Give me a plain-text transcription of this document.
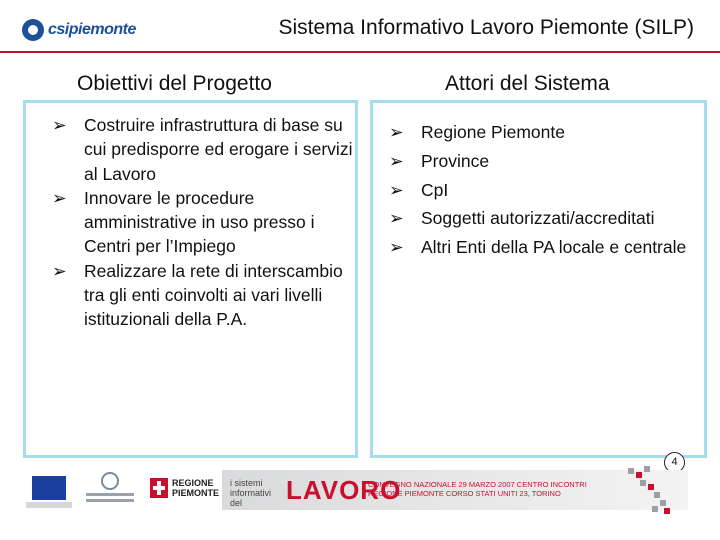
csipiemonte	Sistema Informativo Lavoro Piemonte (SILP)
Obiettivi del Progetto	Attori del Sistema
➢ Costruire infrastruttura di base su cui predisporre ed erogare i servizi al Lavoro
➢ Innovare le procedure amministrative in uso presso i Centri per l’Impiego
➢ Realizzare la rete di interscambio tra gli enti coinvolti ai vari livelli istituzionali della P.A.
➢ Regione Piemonte
➢ Province
➢ CpI
➢ Soggetti autorizzati/accreditati
➢ Altri Enti della PA locale e centrale
4
REGIONE PIEMONTE
i sistemi informativi del	LAVORO
CONVEGNO NAZIONALE 29 MARZO 2007 CENTRO INCONTRI REGIONE PIEMONTE CORSO STATI UNITI 23, TORINO
